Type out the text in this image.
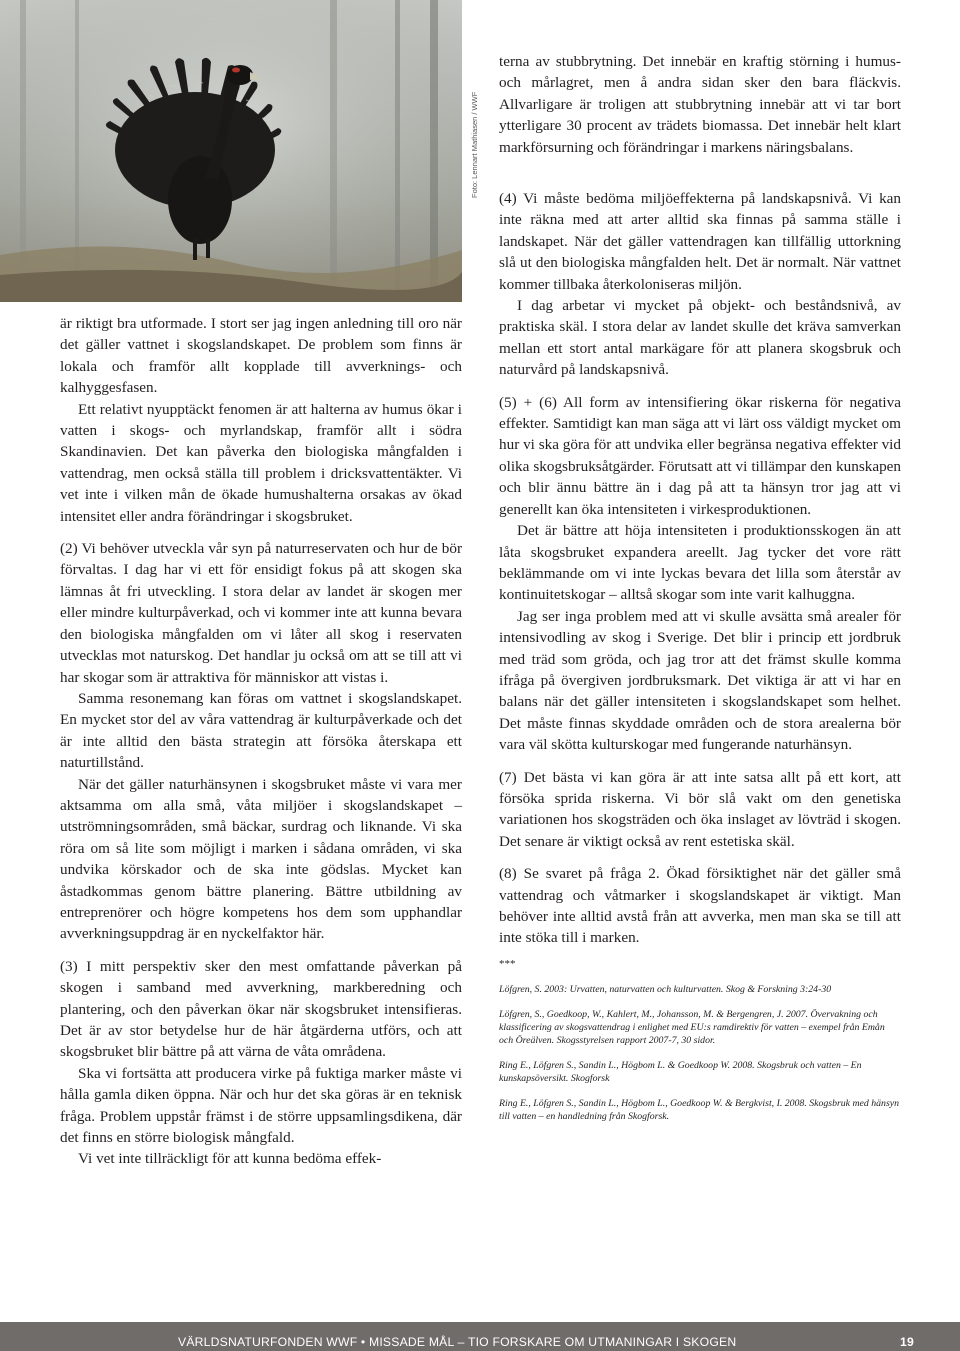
Foto: Lennart Mathiasen / WWF

terna av stubbrytning. Det innebär en kraftig störning i humus- och mårlagret, men å andra sidan sker den bara fläckvis. Allvarligare är troligen att stubbrytning innebär att vi tar bort ytterligare 30 procent av trädets biomassa. Det innebär helt klart markförsurning och förändringar i markens näringsbalans.

är riktigt bra utformade. I stort ser jag ingen anledning till oro när det gäller vattnet i skogslandskapet. De problem som finns är lokala och framför allt kopplade till avverknings- och kalhyggesfasen.

Ett relativt nyupptäckt fenomen är att halterna av humus ökar i vatten i skogs- och myrlandskap, framför allt i södra Skandinavien. Det kan påverka den biologiska mångfalden i vattendrag, men också ställa till problem i dricksvattentäkter. Vi vet inte i vilken mån de ökade humushalterna orsakas av ökad intensitet eller andra förändringar i skogsbruket.

(2) Vi behöver utveckla vår syn på naturreservaten och hur de bör förvaltas. I dag har vi ett för ensidigt fokus på att skogen ska lämnas åt fri utveckling. I stora delar av landet är skogen mer eller mindre kulturpåverkad, och vi kommer inte att kunna bevara den biologiska mångfalden om vi låter all skog i reservaten utvecklas mot naturskog. Det handlar ju också om att se till att vi har skogar som är attraktiva för människor att vistas i.

Samma resonemang kan föras om vattnet i skogslandskapet. En mycket stor del av våra vattendrag är kulturpåverkade och det är inte alltid den bästa strategin att försöka återskapa ett naturtillstånd.

När det gäller naturhänsynen i skogsbruket måste vi vara mer aktsamma om alla små, våta miljöer i skogslandskapet – utströmningsområden, små bäckar, surdrag och liknande. Vi ska röra om så lite som möjligt i marken i sådana områden, vi ska undvika körskador och de ska inte gödslas. Mycket kan åstadkommas genom bättre planering. Bättre utbildning av entreprenörer och högre kompetens hos dem som upphandlar avverkningsuppdrag är en nyckelfaktor här.

(3) I mitt perspektiv sker den mest omfattande påverkan på skogen i samband med avverkning, markberedning och plantering, och den påverkan ökar när skogsbruket intensifieras. Det är av stor betydelse hur de här åtgärderna utförs, och att skogsbruket blir bättre på att värna de våta områdena.

Ska vi fortsätta att producera virke på fuktiga marker måste vi hålla gamla diken öppna. När och hur det ska göras är en teknisk fråga. Problem uppstår främst i de större uppsamlingsdikena, där det finns en större biologisk mångfald.

Vi vet inte tillräckligt för att kunna bedöma effek-

(4) Vi måste bedöma miljöeffekterna på landskapsnivå. Vi kan inte räkna med att arter alltid ska finnas på samma ställe i landskapet. När det gäller vattendragen kan tillfällig uttorkning slå ut den biologiska mångfalden helt. Det är normalt. När vattnet kommer tillbaka återkoloniseras miljön.

I dag arbetar vi mycket på objekt- och beståndsnivå, av praktiska skäl. I stora delar av landet skulle det kräva samverkan mellan ett stort antal markägare för att planera skogsbruk och naturvård på landskapsnivå.

(5) + (6) All form av intensifiering ökar riskerna för negativa effekter. Samtidigt kan man säga att vi lärt oss väldigt mycket om hur vi ska göra för att undvika eller begränsa negativa effekter vid olika skogsbruksåtgärder. Förutsatt att vi tillämpar den kunskapen och blir ännu bättre än i dag på att ta hänsyn tror jag att vi generellt kan öka intensiteten i virkesproduktionen.

Det är bättre att höja intensiteten i produktionsskogen än att låta skogsbruket expandera areellt. Jag tycker det vore rätt beklämmande om vi inte lyckas bevara det lilla som återstår av kontinuitetskogar – alltså skogar som inte varit kalhuggna.

Jag ser inga problem med att vi skulle avsätta små arealer för intensivodling av skog i Sverige. Det blir i princip ett jordbruk med träd som gröda, och jag tror att det främst skulle komma ifråga på övergiven jordbruksmark. Det viktiga är att vi har en balans när det gäller intensiteten i skogslandskapet som helhet. Det måste finnas skyddade områden och de stora arealerna bör vara väl skötta kulturskogar med fungerande naturhänsyn.

(7) Det bästa vi kan göra är att inte satsa allt på ett kort, att försöka sprida riskerna. Vi bör slå vakt om den genetiska variationen hos skogsträden och öka inslaget av lövträd i skogen. Det senare är viktigt också av rent estetiska skäl.

(8) Se svaret på fråga 2. Ökad försiktighet när det gäller små vattendrag och våtmarker i skogslandskapet är viktigt. Man behöver inte alltid avstå från att avverka, men man ska se till att inte stöka till i marken.

***

Löfgren, S. 2003: Urvatten, naturvatten och kulturvatten. Skog & Forskning 3:24-30

Löfgren, S., Goedkoop, W., Kahlert, M., Johansson, M. & Bergengren, J. 2007. Övervakning och klassificering av skogsvattendrag i enlighet med EU:s ramdirektiv för vatten – exempel från Emån och Öreälven. Skogsstyrelsen rapport 2007-7, 30 sidor.

Ring E., Löfgren S., Sandin L., Högbom L. & Goedkoop W. 2008. Skogsbruk och vatten – En kunskapsöversikt. Skogforsk

Ring E., Löfgren S., Sandin L., Högbom L., Goedkoop W. & Bergkvist, I. 2008. Skogsbruk med hänsyn till vatten – en handledning från Skogforsk.

VÄRLDSNATURFONDEN WWF • MISSADE MÅL – TIO FORSKARE OM UTMANINGAR I SKOGEN	19
